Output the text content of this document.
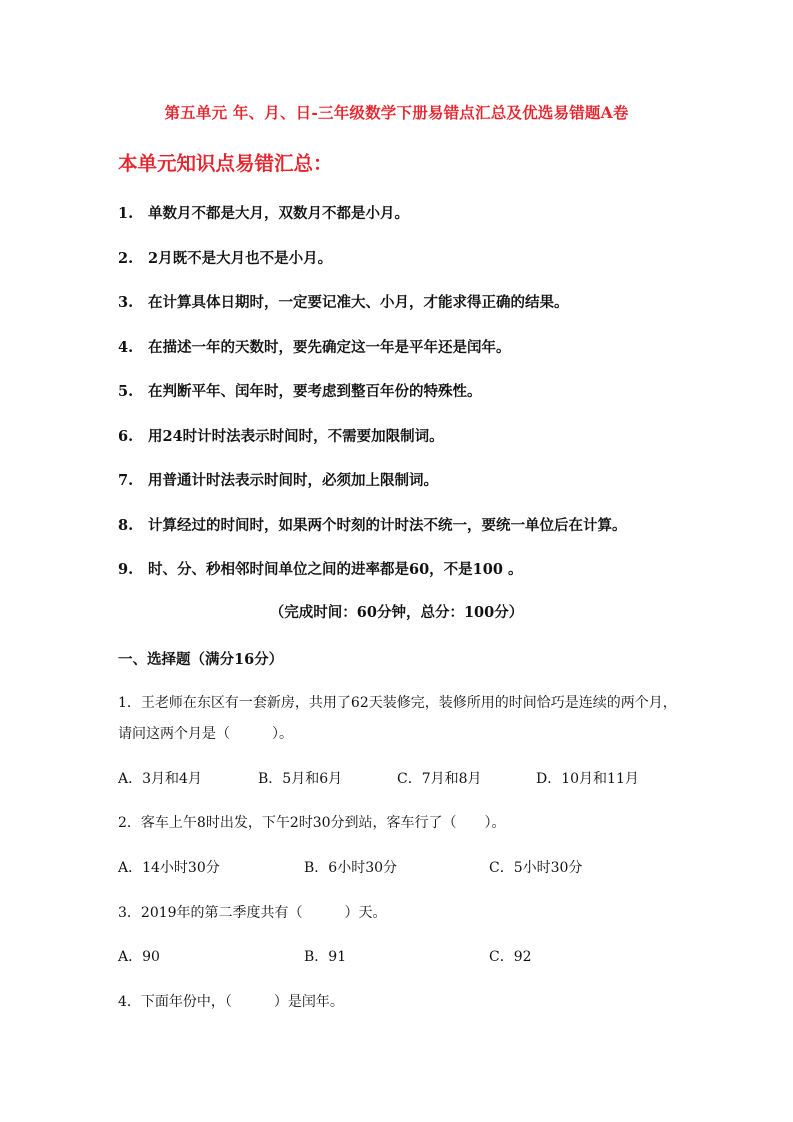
第五单元 年、月、日-三年级数学下册易错点汇总及优选易错题A卷
本单元知识点易错汇总：
1. 单数月不都是大月，双数月不都是小月。
2. 2月既不是大月也不是小月。
3. 在计算具体日期时，一定要记准大、小月，才能求得正确的结果。
4. 在描述一年的天数时，要先确定这一年是平年还是闰年。
5. 在判断平年、闰年时，要考虑到整百年份的特殊性。
6. 用24时计时法表示时间时，不需要加限制词。
7. 用普通计时法表示时间时，必须加上限制词。
8. 计算经过的时间时，如果两个时刻的计时法不统一，要统一单位后在计算。
9. 时、分、秒相邻时间单位之间的进率都是60，不是100 。
（完成时间：60分钟，总分：100分）
一、选择题（满分16分）
1．王老师在东区有一套新房，共用了62天装修完，装修所用的时间恰巧是连续的两个月，
请问这两个月是（　　　）。
A．3月和4月	B．5月和6月	C．7月和8月	D．10月和11月
2．客车上午8时出发，下午2时30分到站，客车行了（　　）。
A．14小时30分	B．6小时30分	C．5小时30分
3．2019年的第二季度共有（　　　）天。
A．90	B．91	C．92
4．下面年份中，（　　　）是闰年。
